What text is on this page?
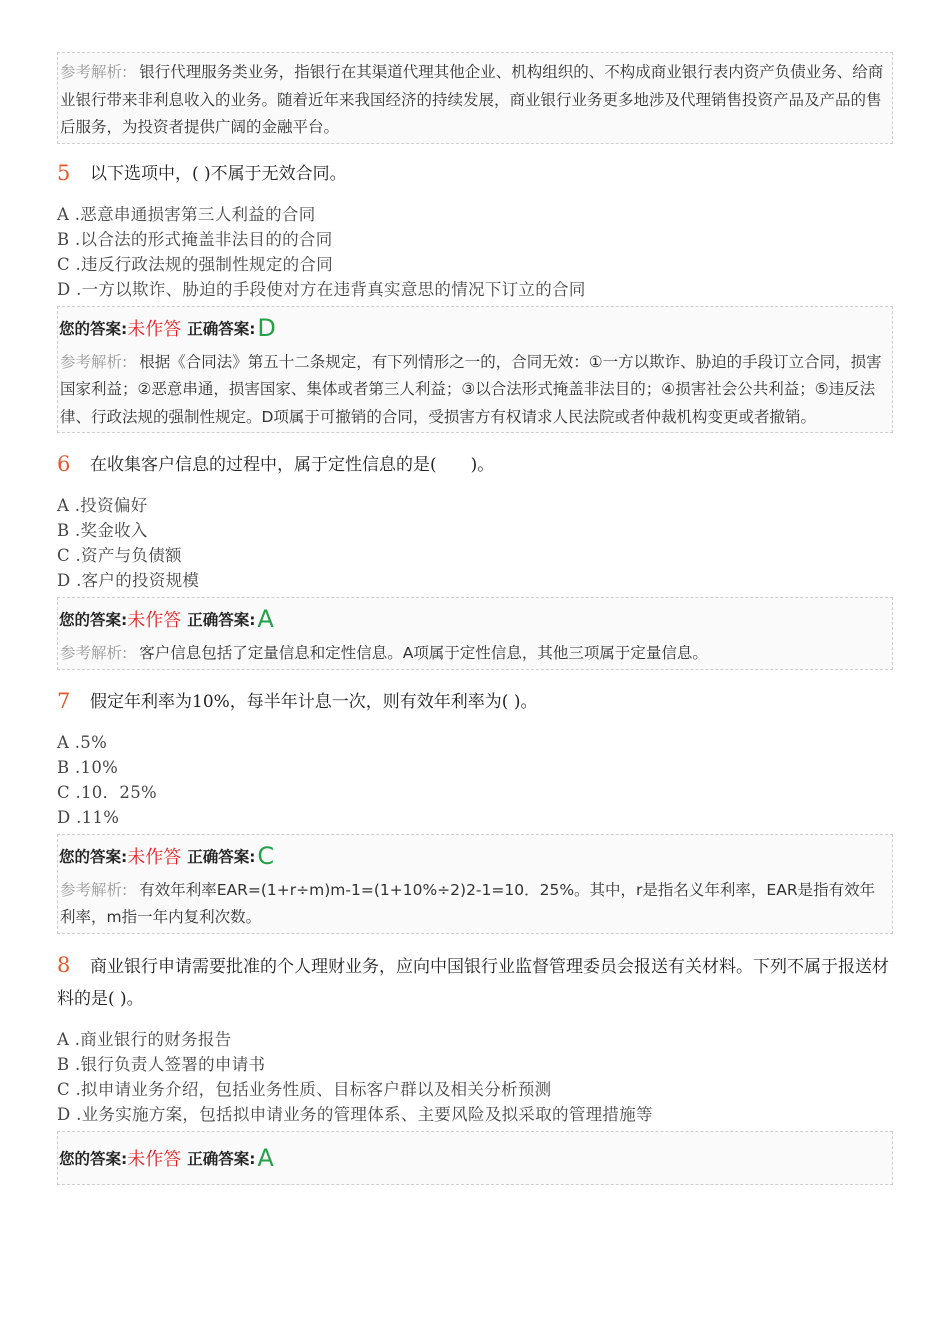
参考解析: 银行代理服务类业务，指银行在其渠道代理其他企业、机构组织的、不构成商业银行表内资产负债业务、给商业银行带来非利息收入的业务。随着近年来我国经济的持续发展，商业银行业务更多地涉及代理销售投资产品及产品的售后服务，为投资者提供广阔的金融平台。
5	以下选项中，( )不属于无效合同。
A .恶意串通损害第三人利益的合同
B .以合法的形式掩盖非法目的的合同
C .违反行政法规的强制性规定的合同
D .一方以欺诈、胁迫的手段使对方在违背真实意思的情况下订立的合同
您的答案: 未作答 正确答案: D
参考解析: 根据《合同法》第五十二条规定，有下列情形之一的，合同无效：①一方以欺诈、胁迫的手段订立合同，损害国家利益；②恶意串通，损害国家、集体或者第三人利益；③以合法形式掩盖非法目的；④损害社会公共利益；⑤违反法律、行政法规的强制性规定。D项属于可撤销的合同，受损害方有权请求人民法院或者仲裁机构变更或者撤销。
6	在收集客户信息的过程中，属于定性信息的是(　　)。
A .投资偏好
B .奖金收入
C .资产与负债额
D .客户的投资规模
您的答案: 未作答 正确答案: A
参考解析: 客户信息包括了定量信息和定性信息。A项属于定性信息，其他三项属于定量信息。
7	假定年利率为10%，每半年计息一次，则有效年利率为( )。
A .5%
B .10%
C .10．25%
D .11%
您的答案: 未作答 正确答案: C
参考解析: 有效年利率EAR=(1+r÷m)m-1=(1+10%÷2)2-1=10．25%。其中，r是指名义年利率，EAR是指有效年利率，m指一年内复利次数。
8 商业银行申请需要批准的个人理财业务，应向中国银行业监督管理委员会报送有关材料。下列不属于报送材料的是( )。
A .商业银行的财务报告
B .银行负责人签署的申请书
C .拟申请业务介绍，包括业务性质、目标客户群以及相关分析预测
D .业务实施方案，包括拟申请业务的管理体系、主要风险及拟采取的管理措施等
您的答案: 未作答 正确答案: A
